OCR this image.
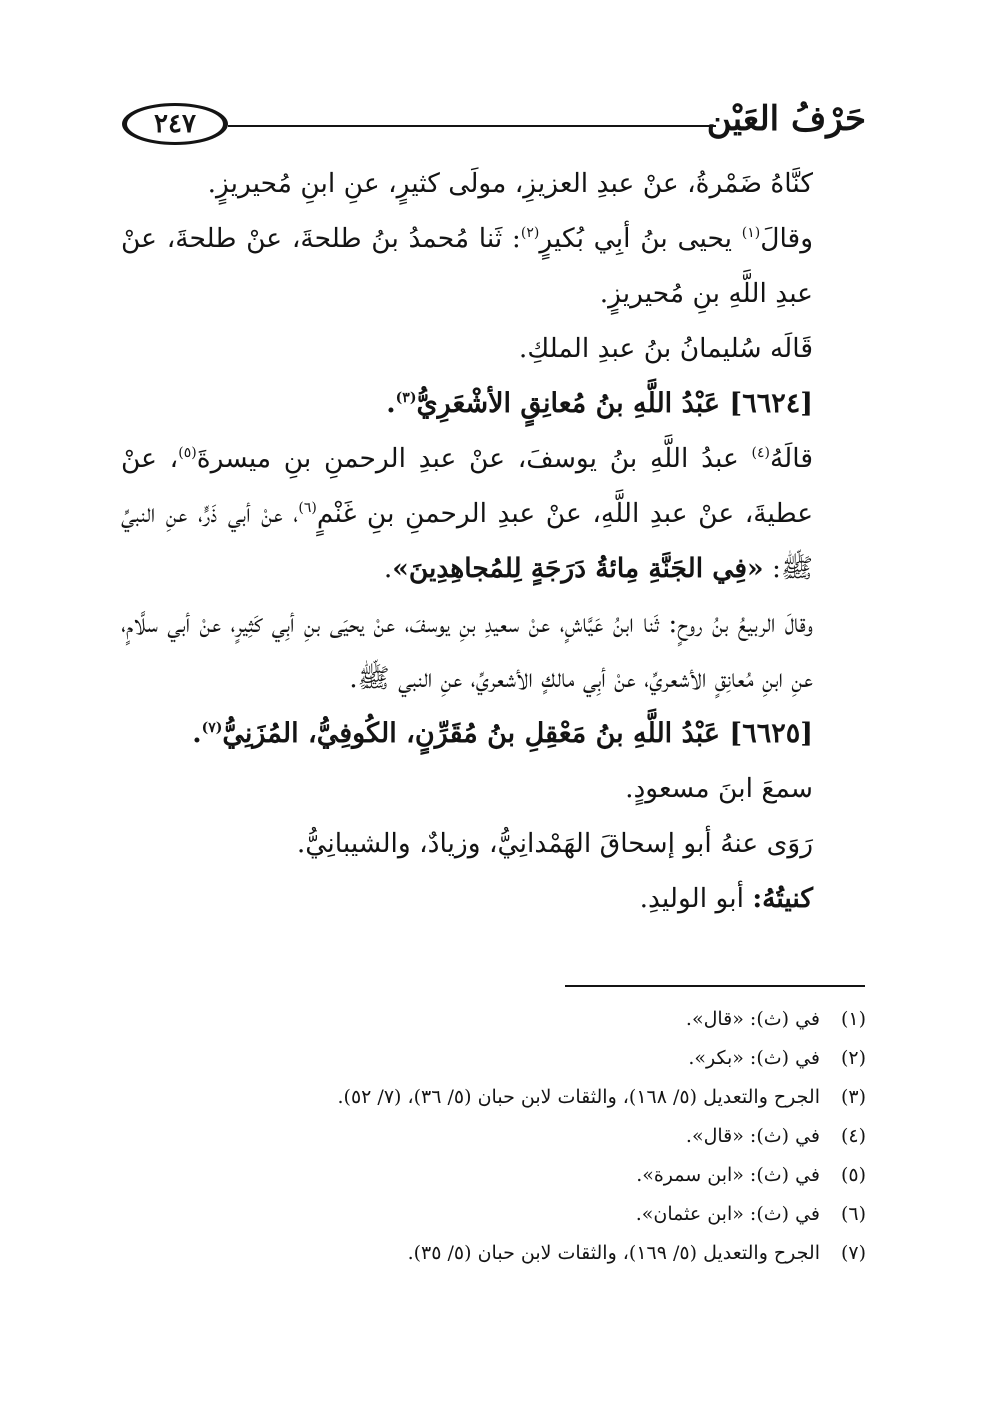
حَرْفُ العَيْن
٢٤٧

كنَّاهُ ضَمْرةُ، عنْ عبدِ العزيزِ، مولَى كثيرٍ، عنِ ابنِ مُحيريزٍ.

وقالَ$^{(١)}$ يحيى بنُ أبِي بُكيرٍ$^{(٢)}$: ثَنا مُحمدُ بنُ طلحةَ، عنْ طلحةَ، عنْ عبدِ اللَّهِ بنِ مُحيريزٍ.

قَالَه سُليمانُ بنُ عبدِ الملكِ.

[٦٦٢٤] عَبْدُ اللَّهِ بنُ مُعانِقٍ الأشْعَرِيُّ$^{(٣)}$.

قالَهُ$^{(٤)}$ عبدُ اللَّهِ بنُ يوسفَ، عنْ عبدِ الرحمنِ بنِ ميسرةَ$^{(٥)}$، عنْ عطيةَ، عنْ عبدِ اللَّهِ، عنْ عبدِ الرحمنِ بنِ غَنْمٍ$^{(٦)}$، عنْ أبي ذَرٍّ، عنِ النبيِّ ﷺ: «فِي الجَنَّةِ مِائةُ دَرَجَةٍ لِلمُجاهِدِينَ».

وقالَ الربيعُ بنُ روحٍ: ثَنا ابنُ عَيَّاشٍ، عنْ سعيدِ بنِ يوسفَ، عنْ يحيَى بنِ أبِي كَثِيرٍ، عنْ أبي سلَّامٍ، عنِ ابنِ مُعانِقٍ الأشعريِّ، عنْ أبِي مالكٍ الأشعريِّ، عنِ النبي ﷺ.

[٦٦٢٥] عَبْدُ اللَّهِ بنُ مَعْقِلِ بنُ مُقَرِّنٍ، الكُوفِيُّ، المُزَنِيُّ$^{(٧)}$.

سمعَ ابنَ مسعودٍ.

رَوَى عنهُ أبو إسحاقَ الهَمْدانِيُّ، وزيادٌ، والشيبانِيُّ.

كنيتُهُ: أبو الوليدِ.

(١)في (ث): «قال».

(٢)في (ث): «بكر».

(٣)الجرح والتعديل (٥/ ١٦٨)، والثقات لابن حبان (٥/ ٣٦)، (٧/ ٥٢).

(٤)في (ث): «قال».

(٥)في (ث): «ابن سمرة».

(٦)في (ث): «ابن عثمان».

(٧)الجرح والتعديل (٥/ ١٦٩)، والثقات لابن حبان (٥/ ٣٥).
